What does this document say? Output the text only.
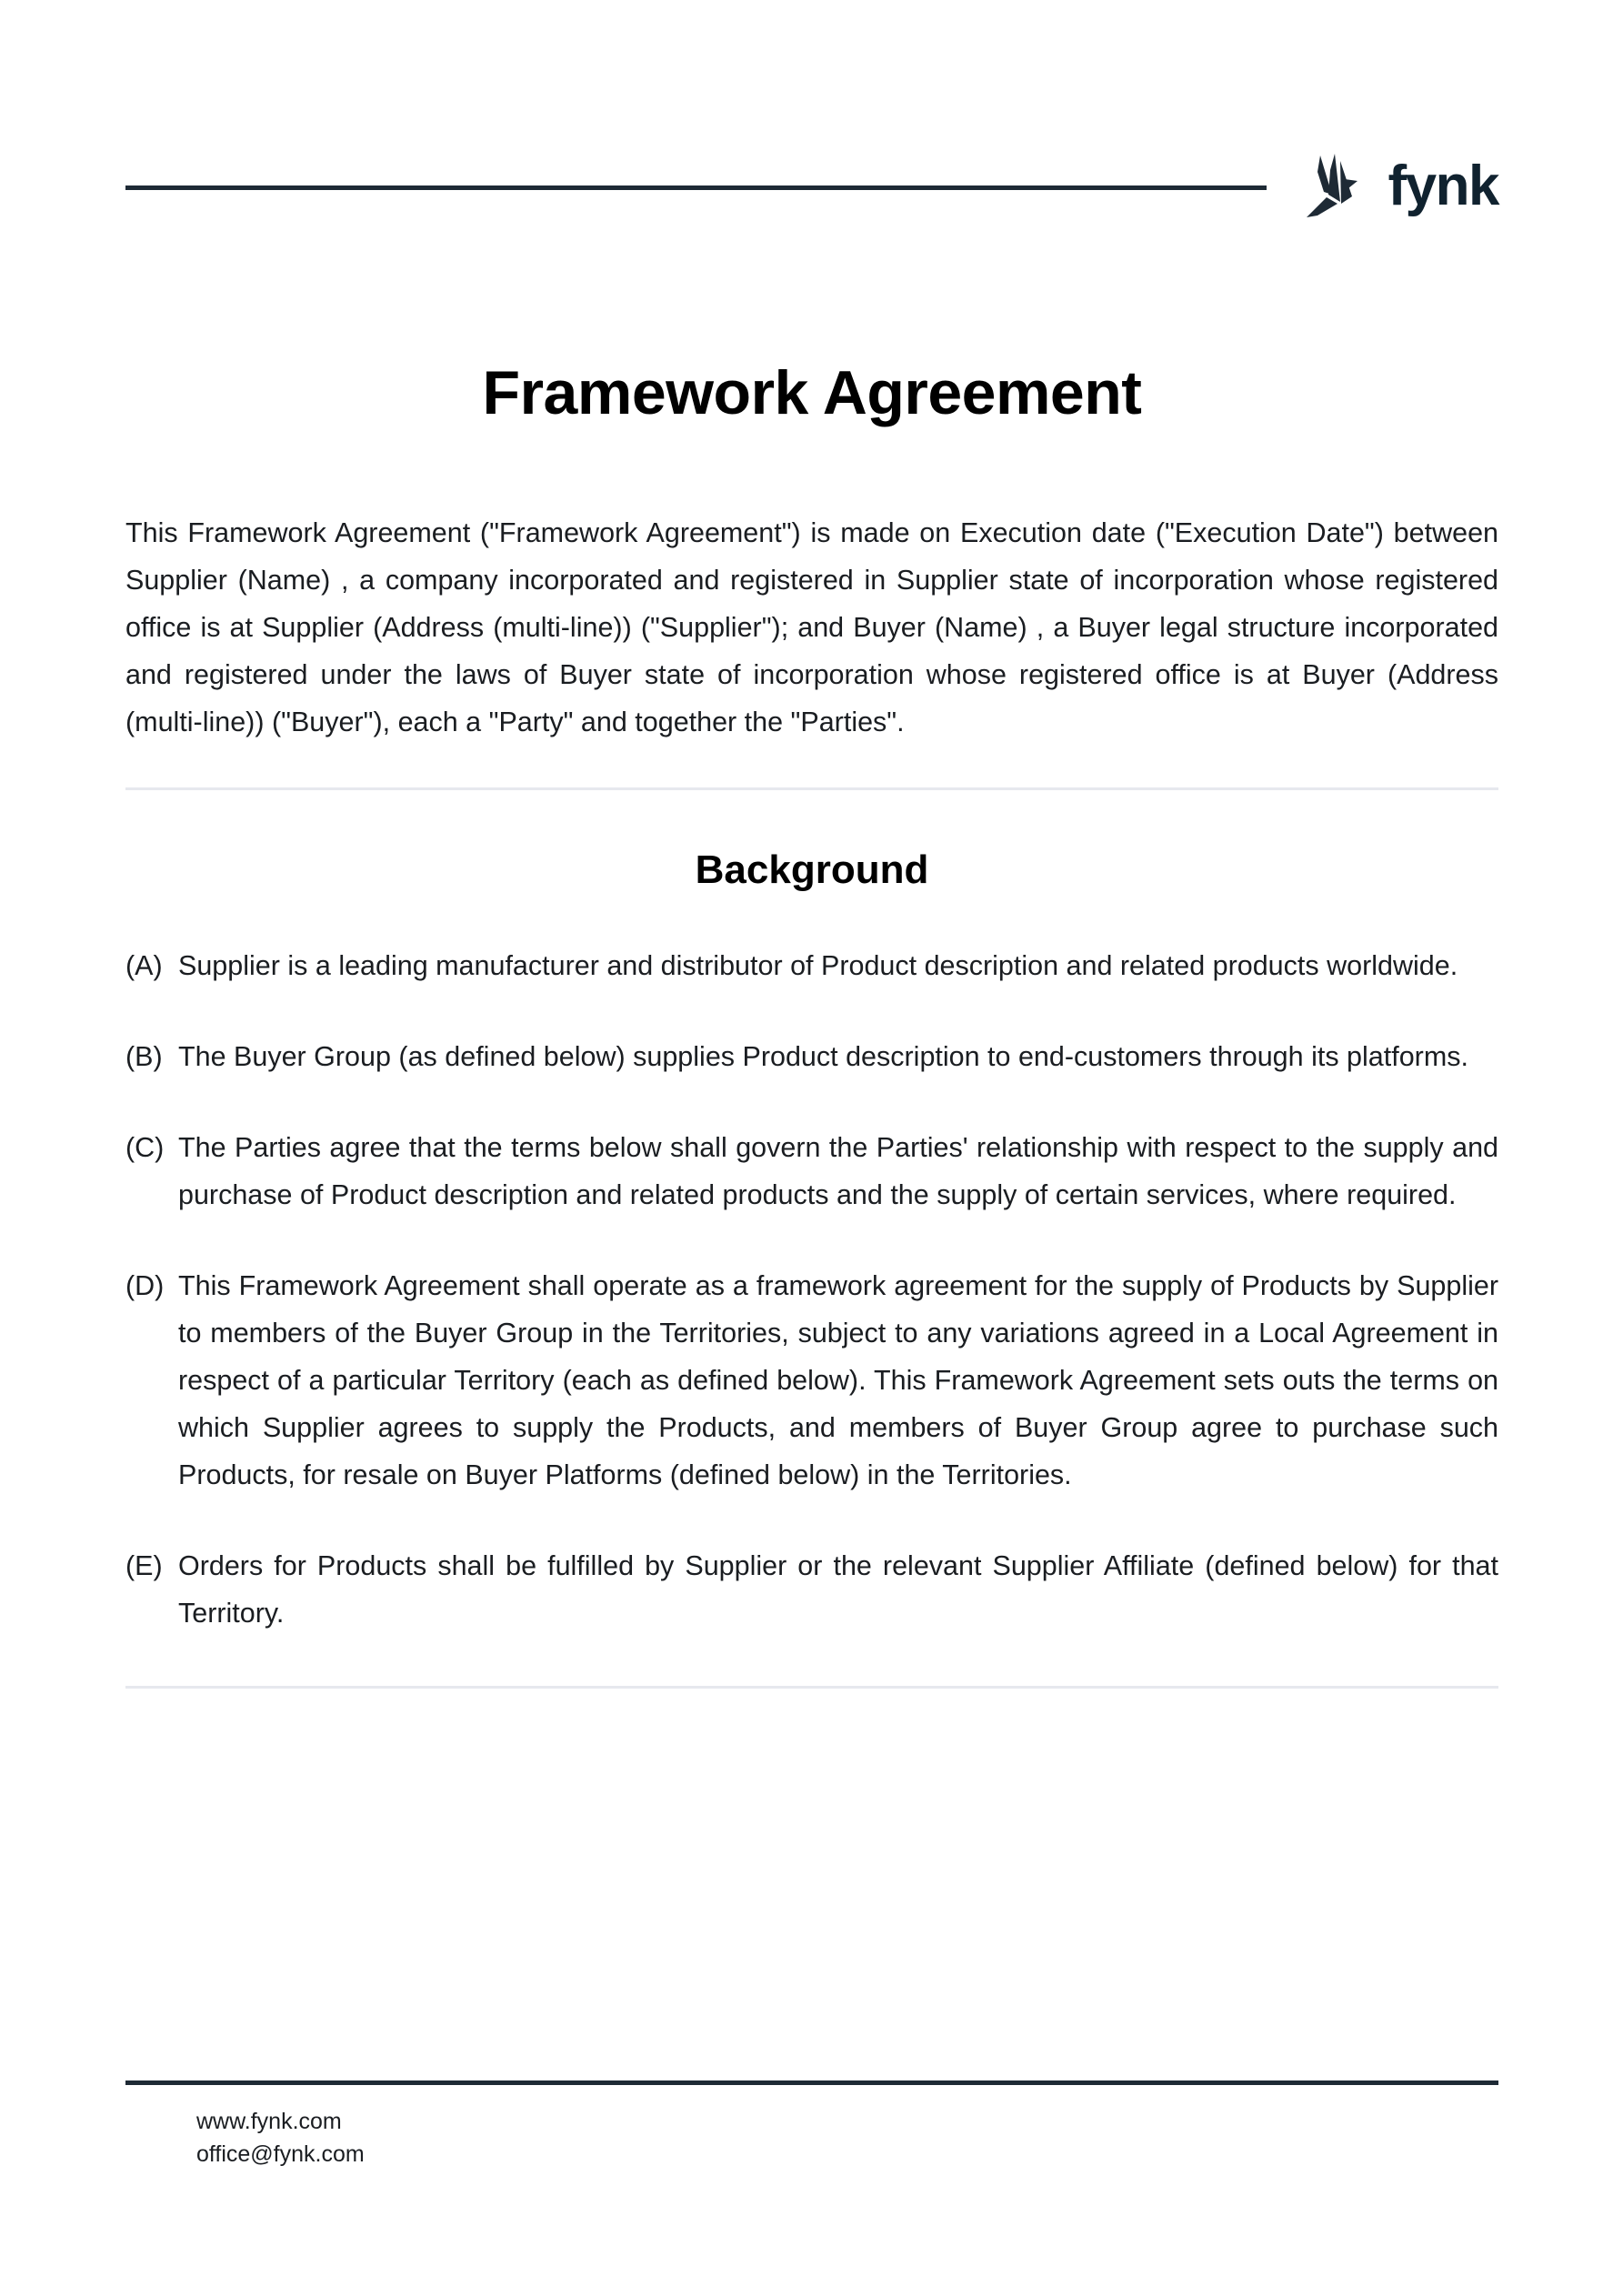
fynk
Framework Agreement

This Framework Agreement ("Framework Agreement") is made on Execution date ("Execution Date") between Supplier (Name) , a company incorporated and registered in Supplier state of incorporation whose registered office is at Supplier (Address (multi-line)) ("Supplier"); and Buyer (Name) , a Buyer legal structure incorporated and registered under the laws of Buyer state of incorporation whose registered office is at Buyer (Address (multi-line)) ("Buyer"), each a "Party" and together the "Parties".

Background
(A) Supplier is a leading manufacturer and distributor of Product description and related products worldwide.
(B) The Buyer Group (as defined below) supplies Product description to end-customers through its platforms.
(C) The Parties agree that the terms below shall govern the Parties' relationship with respect to the supply and purchase of Product description and related products and the supply of certain services, where required.
(D) This Framework Agreement shall operate as a framework agreement for the supply of Products by Supplier to members of the Buyer Group in the Territories, subject to any variations agreed in a Local Agreement in respect of a particular Territory (each as defined below). This Framework Agreement sets outs the terms on which Supplier agrees to supply the Products, and members of Buyer Group agree to purchase such Products, for resale on Buyer Platforms (defined below) in the Territories.
(E) Orders for Products shall be fulfilled by Supplier or the relevant Supplier Affiliate (defined below) for that Territory.
www.fynk.com
office@fynk.com
